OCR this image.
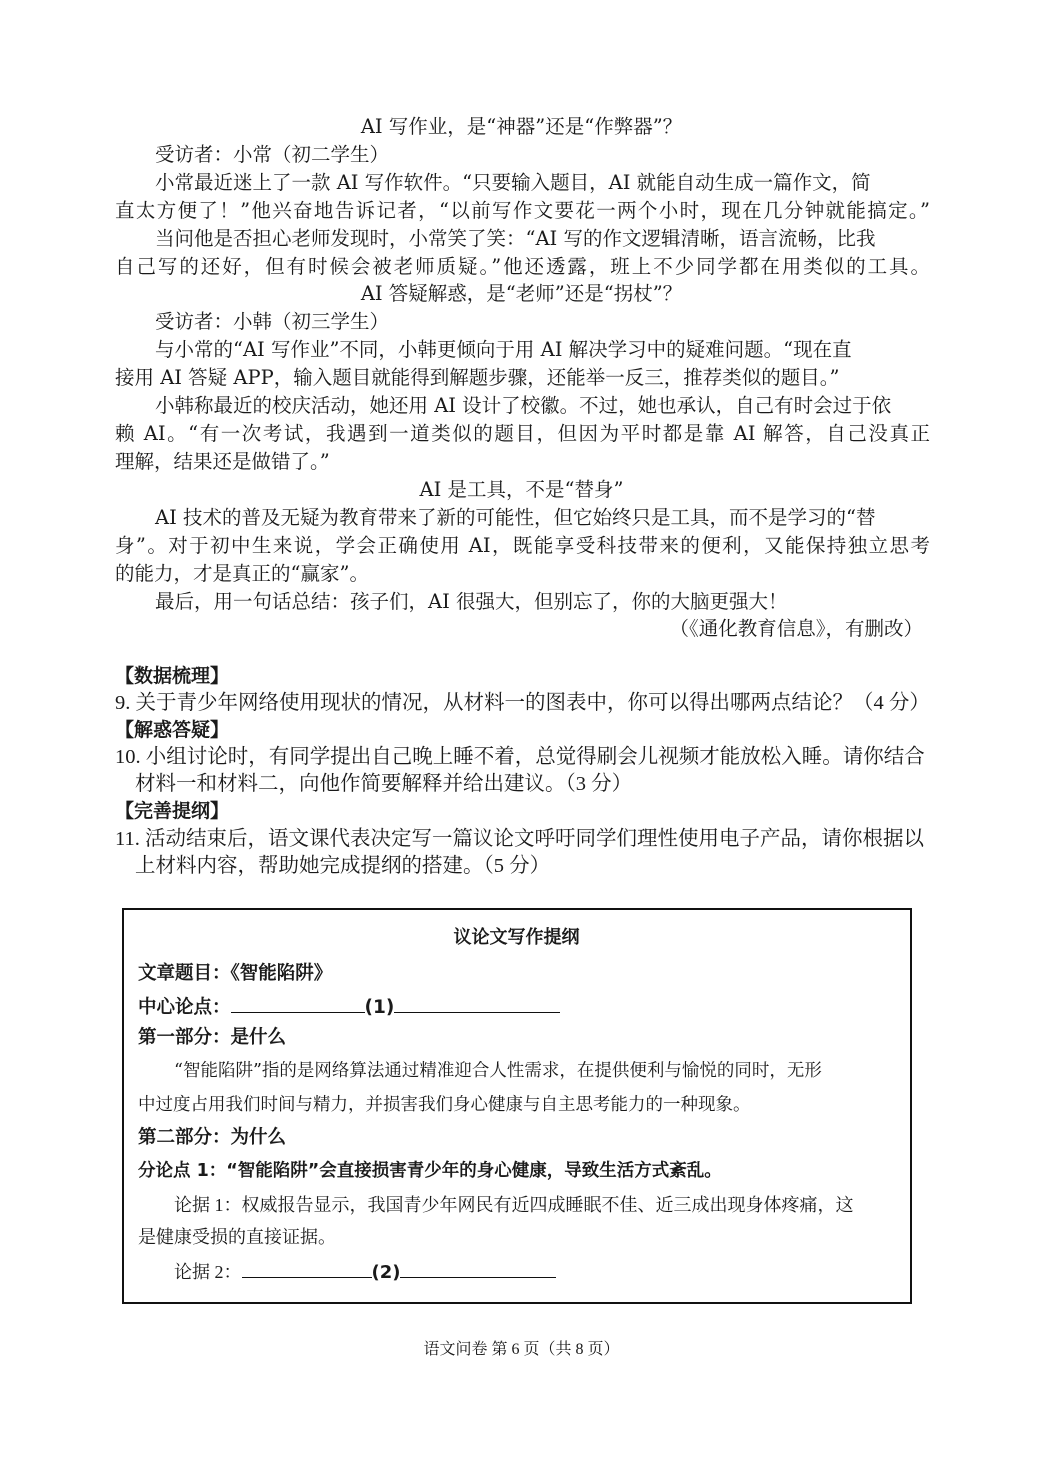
AI 写作业，是“神器”还是“作弊器”？
受访者：小常（初二学生）
小常最近迷上了一款 AI 写作软件。“只要输入题目，AI 就能自动生成一篇作文，简
直太方便了！”他兴奋地告诉记者，“以前写作文要花一两个小时，现在几分钟就能搞定。”
当问他是否担心老师发现时，小常笑了笑：“AI 写的作文逻辑清晰，语言流畅，比我
自己写的还好，但有时候会被老师质疑。”他还透露，班上不少同学都在用类似的工具。
AI 答疑解惑，是“老师”还是“拐杖”？
受访者：小韩（初三学生）
与小常的“AI 写作业”不同，小韩更倾向于用 AI 解决学习中的疑难问题。“现在直
接用 AI 答疑 APP，输入题目就能得到解题步骤，还能举一反三，推荐类似的题目。”
小韩称最近的校庆活动，她还用 AI 设计了校徽。不过，她也承认，自己有时会过于依
赖 AI。“有一次考试，我遇到一道类似的题目，但因为平时都是靠 AI 解答，自己没真正
理解，结果还是做错了。”
AI 是工具，不是“替身”
AI 技术的普及无疑为教育带来了新的可能性，但它始终只是工具，而不是学习的“替
身”。对于初中生来说，学会正确使用 AI，既能享受科技带来的便利，又能保持独立思考
的能力，才是真正的“赢家”。
最后，用一句话总结：孩子们，AI 很强大，但别忘了，你的大脑更强大！
（《通化教育信息》，有删改）
【数据梳理】
9. 关于青少年网络使用现状的情况，从材料一的图表中，你可以得出哪两点结论？（4 分）
【解惑答疑】
10. 小组讨论时，有同学提出自己晚上睡不着，总觉得刷会儿视频才能放松入睡。请你结合
材料一和材料二，向他作简要解释并给出建议。（3 分）
【完善提纲】
11. 活动结束后，语文课代表决定写一篇议论文呼吁同学们理性使用电子产品，请你根据以
上材料内容，帮助她完成提纲的搭建。（5 分）
议论文写作提纲
文章题目：《智能陷阱》
中心论点：	(1)
第一部分：是什么
“智能陷阱”指的是网络算法通过精准迎合人性需求，在提供便利与愉悦的同时，无形
中过度占用我们时间与精力，并损害我们身心健康与自主思考能力的一种现象。
第二部分：为什么
分论点 1：“智能陷阱”会直接损害青少年的身心健康，导致生活方式紊乱。
论据 1：权威报告显示，我国青少年网民有近四成睡眠不佳、近三成出现身体疼痛，这
是健康受损的直接证据。
论据 2：	(2)
语文问卷 第 6 页（共 8 页）
